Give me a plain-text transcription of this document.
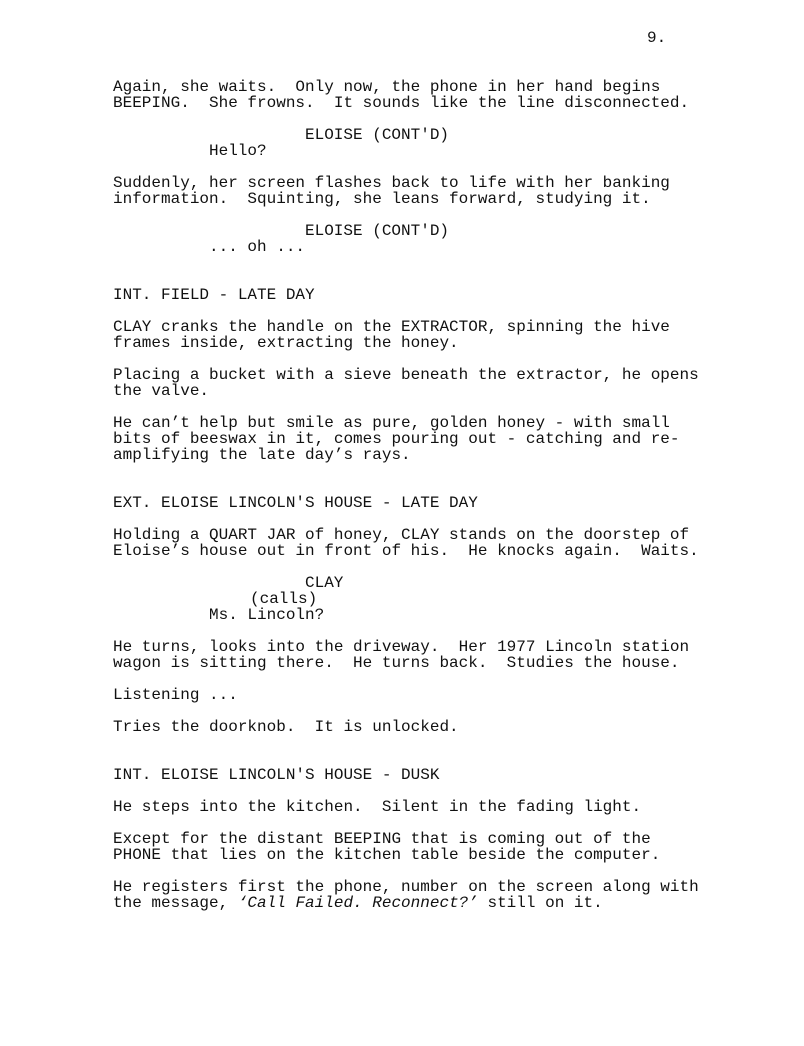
9.
Again, she waits.  Only now, the phone in her hand begins
BEEPING.  She frowns.  It sounds like the line disconnected.
ELOISE (CONT'D)
Hello?
Suddenly, her screen flashes back to life with her banking
information.  Squinting, she leans forward, studying it.
ELOISE (CONT'D)
... oh ...
INT. FIELD - LATE DAY
CLAY cranks the handle on the EXTRACTOR, spinning the hive
frames inside, extracting the honey.
Placing a bucket with a sieve beneath the extractor, he opens
the valve.
He can’t help but smile as pure, golden honey - with small
bits of beeswax in it, comes pouring out - catching and re-
amplifying the late day’s rays.
EXT. ELOISE LINCOLN'S HOUSE - LATE DAY
Holding a QUART JAR of honey, CLAY stands on the doorstep of
Eloise’s house out in front of his.  He knocks again.  Waits.
CLAY
(calls)
Ms. Lincoln?
He turns, looks into the driveway.  Her 1977 Lincoln station
wagon is sitting there.  He turns back.  Studies the house.
Listening ...
Tries the doorknob.  It is unlocked.
INT. ELOISE LINCOLN'S HOUSE - DUSK
He steps into the kitchen.  Silent in the fading light.
Except for the distant BEEPING that is coming out of the
PHONE that lies on the kitchen table beside the computer.
He registers first the phone, number on the screen along with
the message, ‘Call Failed. Reconnect?’ still on it.
